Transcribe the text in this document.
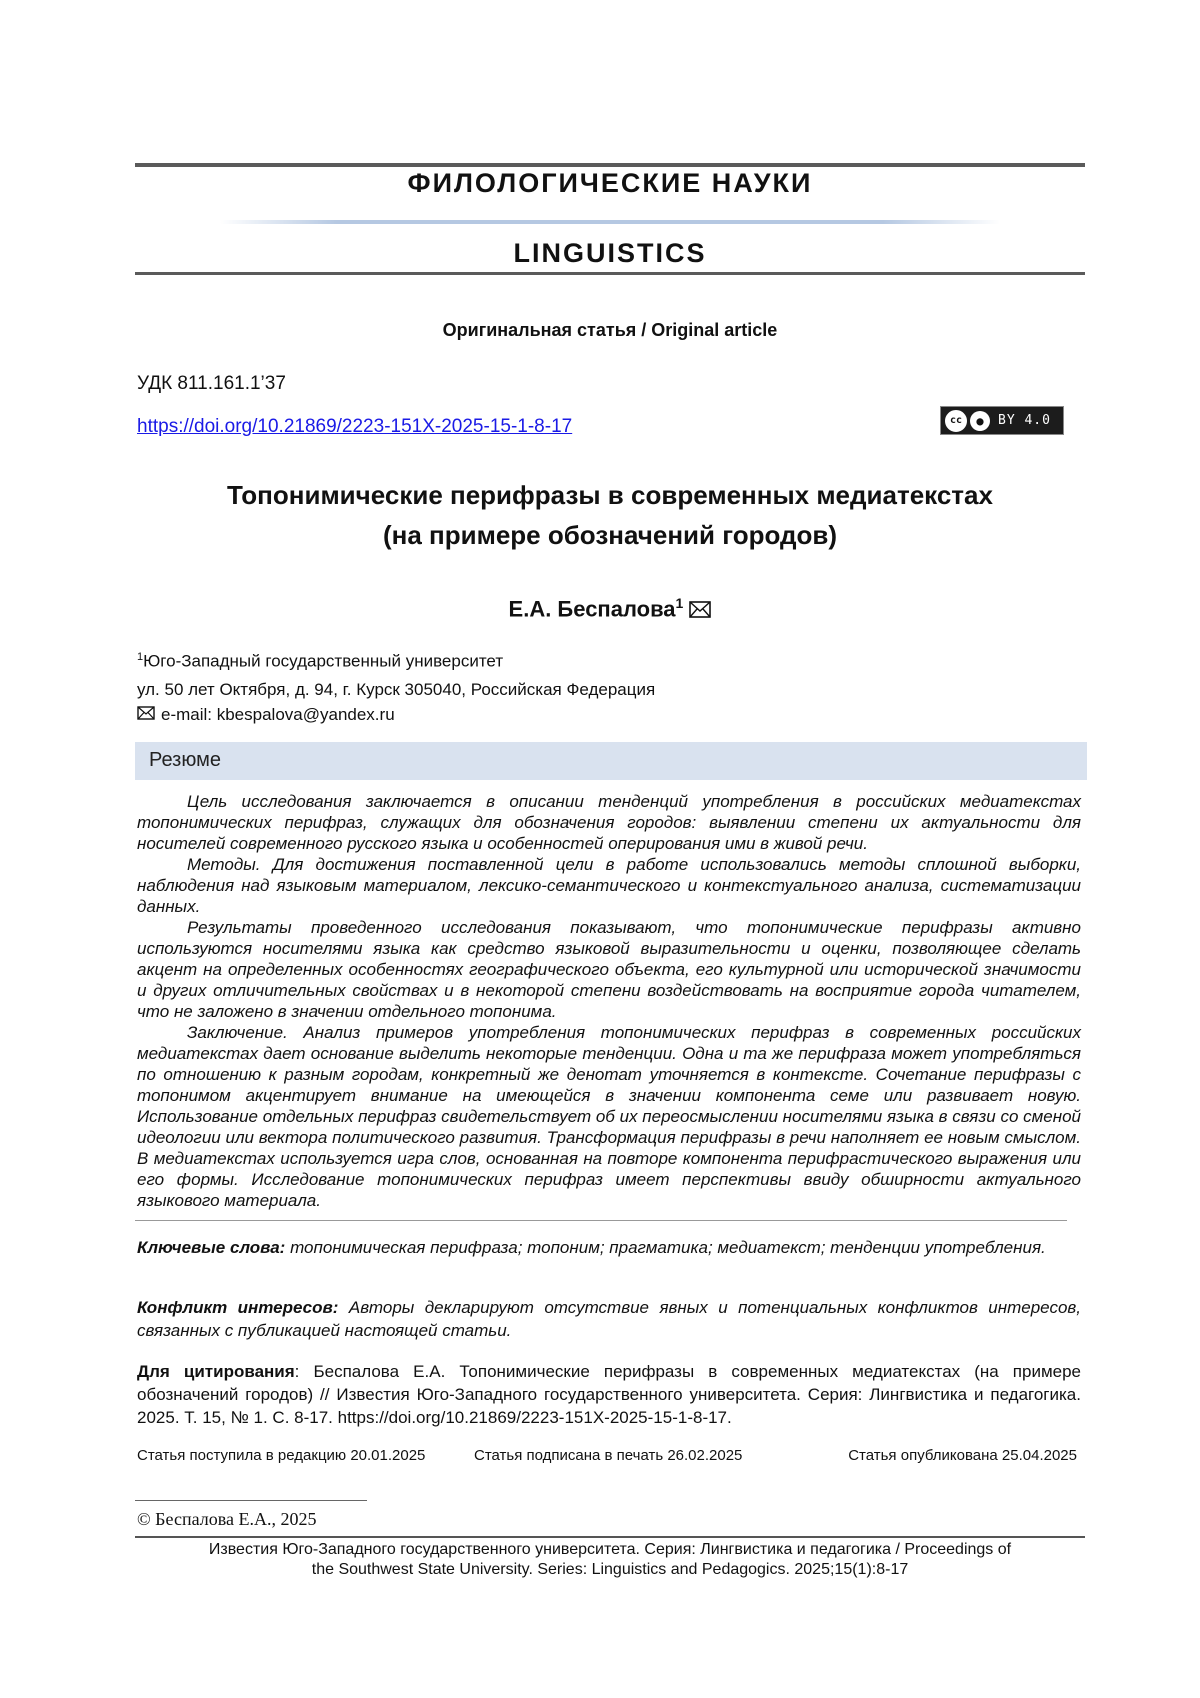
ФИЛОЛОГИЧЕСКИЕ НАУКИ
LINGUISTICS
Оригинальная статья / Original article
УДК 811.161.1’37
https://doi.org/10.21869/2223-151X-2025-15-1-8-17	cc	●	BY 4.0
Топонимические перифразы в современных медиатекстах
(на примере обозначений городов)
Е.А. Беспалова$^1$
$^1$Юго-Западный государственный университет
ул. 50 лет Октября, д. 94, г. Курск 305040, Российская Федерация
e-mail: kbespalova@yandex.ru
Резюме

Цель исследования заключается в описании тенденций употребления в российских медиатекстах топонимических перифраз, служащих для обозначения городов: выявлении степени их актуальности для носителей современного русского языка и особенностей оперирования ими в живой речи.

Методы. Для достижения поставленной цели в работе использовались методы сплошной выборки, наблюдения над языковым материалом, лексико-семантического и контекстуального анализа, систематизации данных.

Результаты проведенного исследования показывают, что топонимические перифразы активно используются носителями языка как средство языковой выразительности и оценки, позволяющее сделать акцент на определенных особенностях географического объекта, его культурной или исторической значимости и других отличительных свойствах и в некоторой степени воздействовать на восприятие города читателем, что не заложено в значении отдельного топонима.

Заключение. Анализ примеров употребления топонимических перифраз в современных российских медиатекстах дает основание выделить некоторые тенденции. Одна и та же перифраза может употребляться по отношению к разным городам, конкретный же денотат уточняется в контексте. Сочетание перифразы с топонимом акцентирует внимание на имеющейся в значении компонента семе или развивает новую. Использование отдельных перифраз свидетельствует об их переосмыслении носителями языка в связи со сменой идеологии или вектора политического развития. Трансформация перифразы в речи наполняет ее новым смыслом. В медиатекстах используется игра слов, основанная на повторе компонента перифрастического выражения или его формы. Исследование топонимических перифраз имеет перспективы ввиду обширности актуального языкового материала.

Ключевые слова: топонимическая перифраза; топоним; прагматика; медиатекст; тенденции употребления.
Конфликт интересов: Авторы декларируют отсутствие явных и потенциальных конфликтов интересов, связанных с публикацией настоящей статьи.
Для цитирования: Беспалова Е.А. Топонимические перифразы в современных медиатекстах (на примере обозначений городов) // Известия Юго-Западного государственного университета. Серия: Лингвистика и педагогика. 2025. Т. 15, № 1. С. 8-17. https://doi.org/10.21869/2223-151X-2025-15-1-8-17.
Статья поступила в редакцию 20.01.2025	Статья подписана в печать 26.02.2025	Статья опубликована 25.04.2025
© Беспалова Е.А., 2025
Известия Юго-Западного государственного университета. Серия: Лингвистика и педагогика / Proceedings of
the Southwest State University. Series: Linguistics and Pedagogics. 2025;15(1):8-17
